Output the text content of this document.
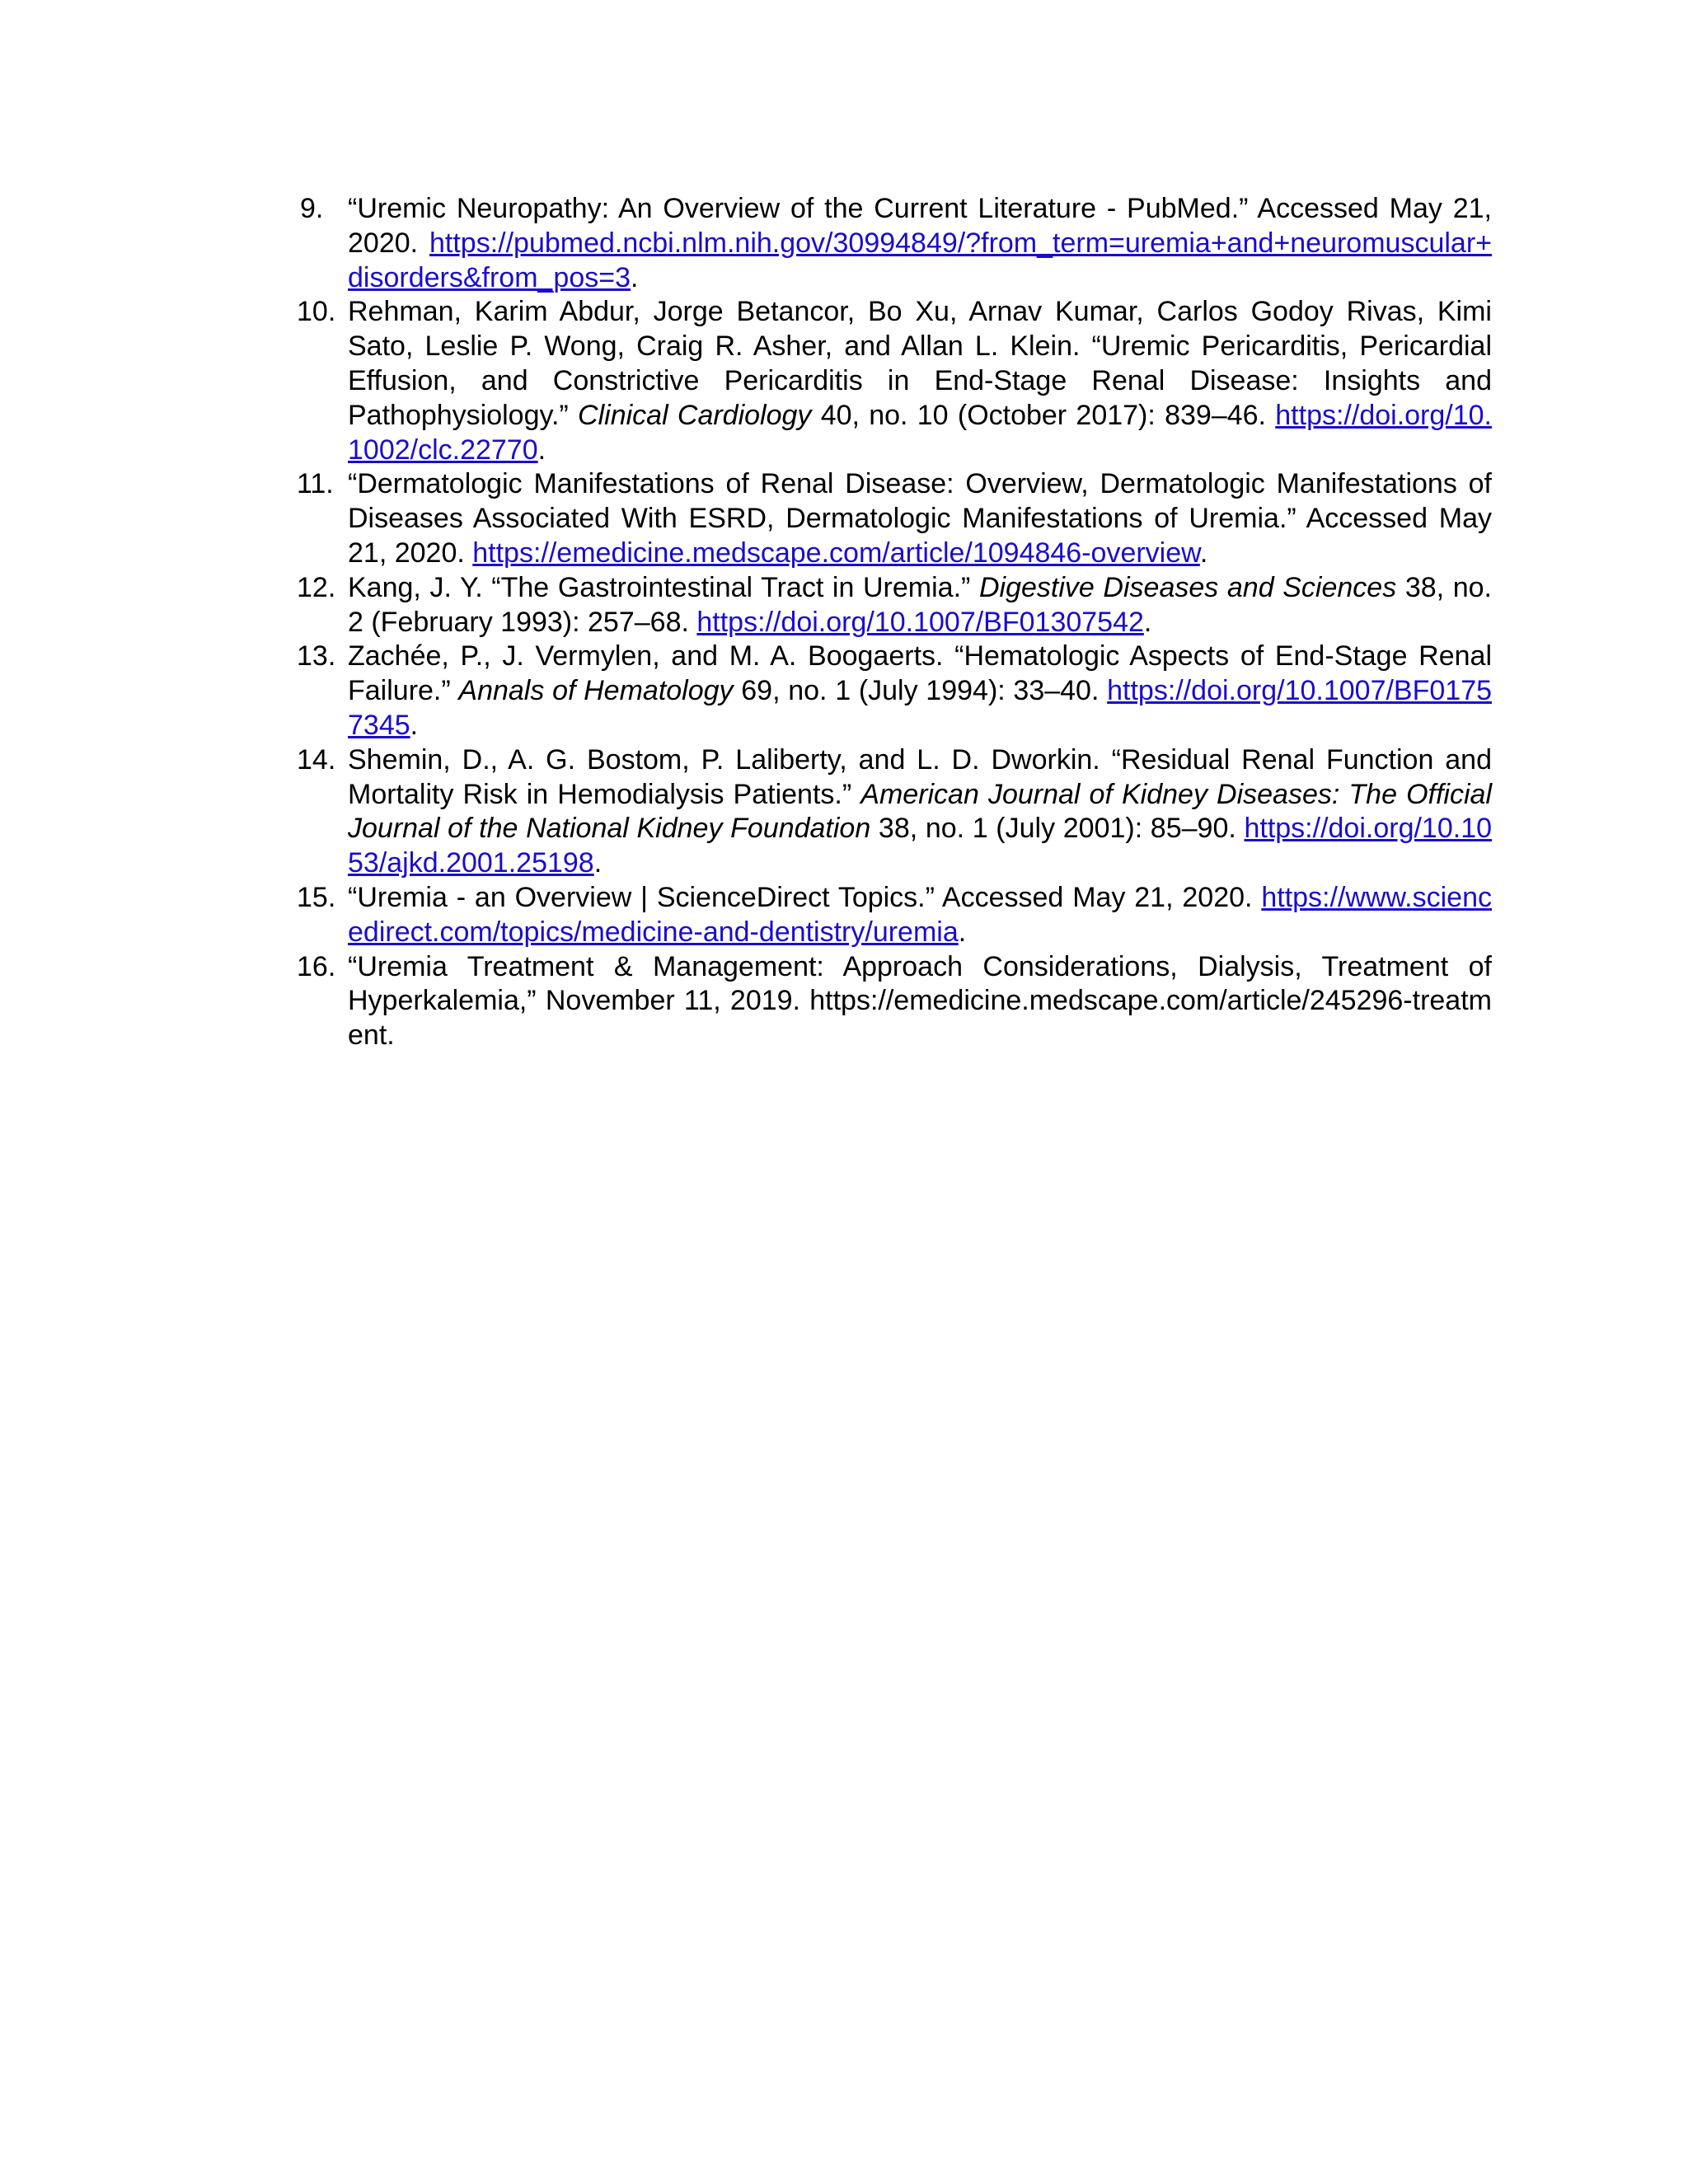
9. “Uremic Neuropathy: An Overview of the Current Literature - PubMed.” Accessed May 21, 2020. https://pubmed.ncbi.nlm.nih.gov/30994849/?from_term=uremia+and+neuromuscular+disorders&from_pos=3.
10. Rehman, Karim Abdur, Jorge Betancor, Bo Xu, Arnav Kumar, Carlos Godoy Rivas, Kimi Sato, Leslie P. Wong, Craig R. Asher, and Allan L. Klein. “Uremic Pericarditis, Pericardial Effusion, and Constrictive Pericarditis in End-Stage Renal Disease: Insights and Pathophysiology.” Clinical Cardiology 40, no. 10 (October 2017): 839–46. https://doi.org/10.1002/clc.22770.
11. “Dermatologic Manifestations of Renal Disease: Overview, Dermatologic Manifestations of Diseases Associated With ESRD, Dermatologic Manifestations of Uremia.” Accessed May 21, 2020. https://emedicine.medscape.com/article/1094846-overview.
12. Kang, J. Y. “The Gastrointestinal Tract in Uremia.” Digestive Diseases and Sciences 38, no. 2 (February 1993): 257–68. https://doi.org/10.1007/BF01307542.
13. Zachée, P., J. Vermylen, and M. A. Boogaerts. “Hematologic Aspects of End-Stage Renal Failure.” Annals of Hematology 69, no. 1 (July 1994): 33–40. https://doi.org/10.1007/BF01757345.
14. Shemin, D., A. G. Bostom, P. Laliberty, and L. D. Dworkin. “Residual Renal Function and Mortality Risk in Hemodialysis Patients.” American Journal of Kidney Diseases: The Official Journal of the National Kidney Foundation 38, no. 1 (July 2001): 85–90. https://doi.org/10.1053/ajkd.2001.25198.
15. “Uremia - an Overview | ScienceDirect Topics.” Accessed May 21, 2020. https://www.sciencedirect.com/topics/medicine-and-dentistry/uremia.
16. “Uremia Treatment & Management: Approach Considerations, Dialysis, Treatment of Hyperkalemia,” November 11, 2019. https://emedicine.medscape.com/article/245296-treatment.
